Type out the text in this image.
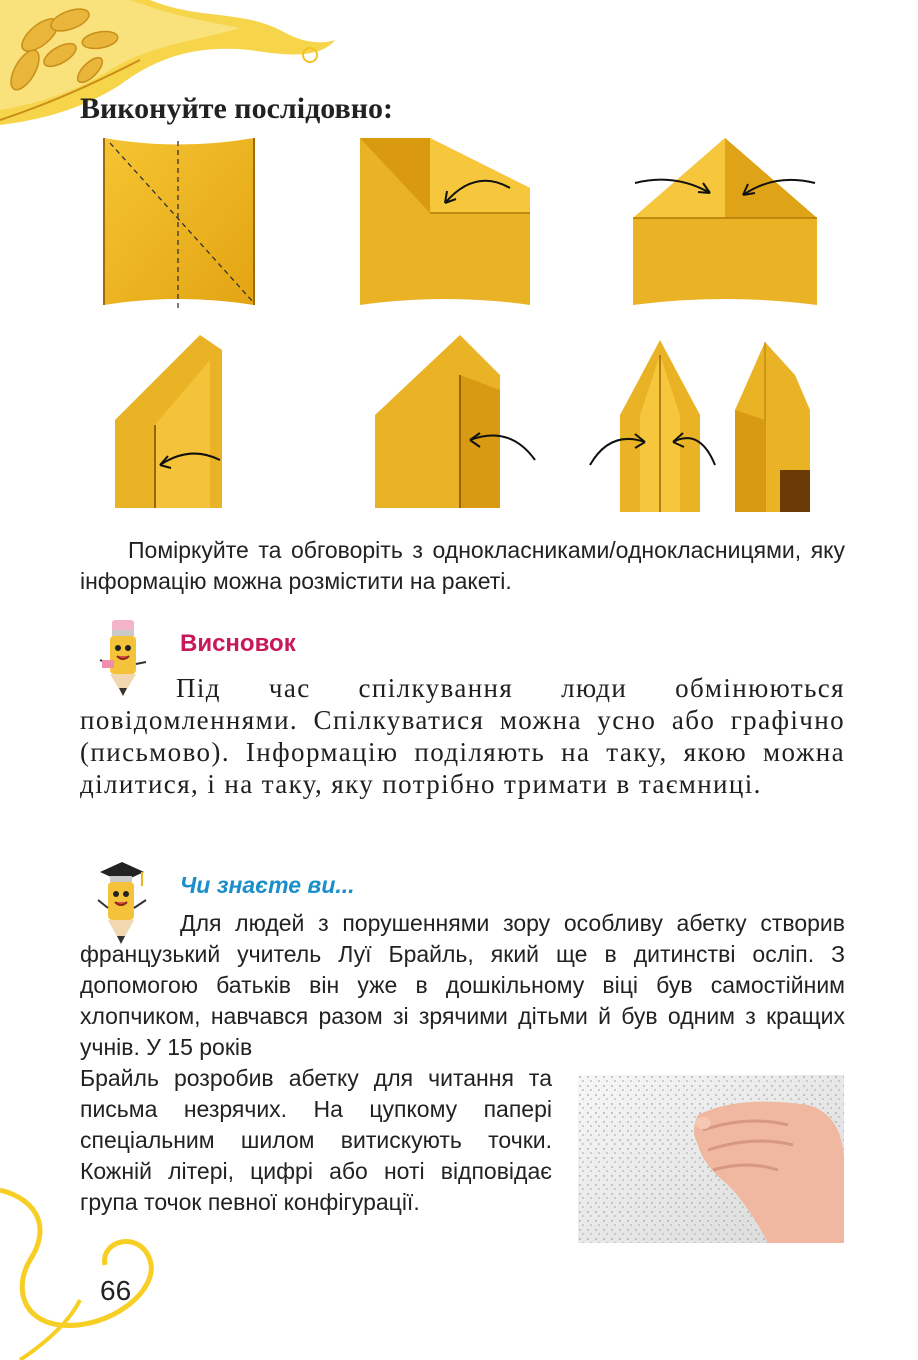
Виконуйте послідовно:

Поміркуйте та обговоріть з однокласниками/однокласницями, яку інформацію можна розмістити на ракеті.

Висновок

Під час спілкування люди обмінюються повідомленнями. Спілкуватися можна усно або графічно (письмово). Інформацію поділяють на таку, якою можна ділитися, і на таку, яку потрібно тримати в таємниці.

Чи знаєте ви...

Для людей з порушеннями зору особливу абетку створив французький учитель Луї Брайль, який ще в дитинстві осліп. З допомогою батьків він уже в дошкільному віці був самостійним хлопчиком, навчався разом зі зрячими дітьми й був одним з кращих учнів. У 15 років

Брайль розробив абетку для читання та письма незрячих. На цупкому папері спеціальним шилом витискують точки. Кожній літері, цифрі або ноті відповідає група точок певної конфігурації.

66
